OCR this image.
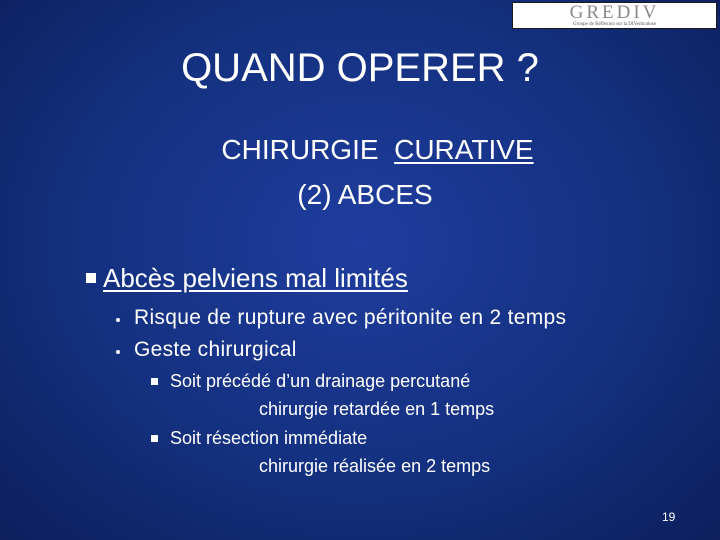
GREDIV
Groupe de Réflexion sur la DIVerticulose
QUAND OPERER ?
CHIRURGIE CURATIVE
(2) ABCES
Abcès pelviens mal limités
Risque de rupture avec péritonite en 2 temps
Geste chirurgical
Soit précédé d’un drainage percutané
chirurgie retardée en 1 temps
Soit résection immédiate
chirurgie réalisée en 2 temps
19
